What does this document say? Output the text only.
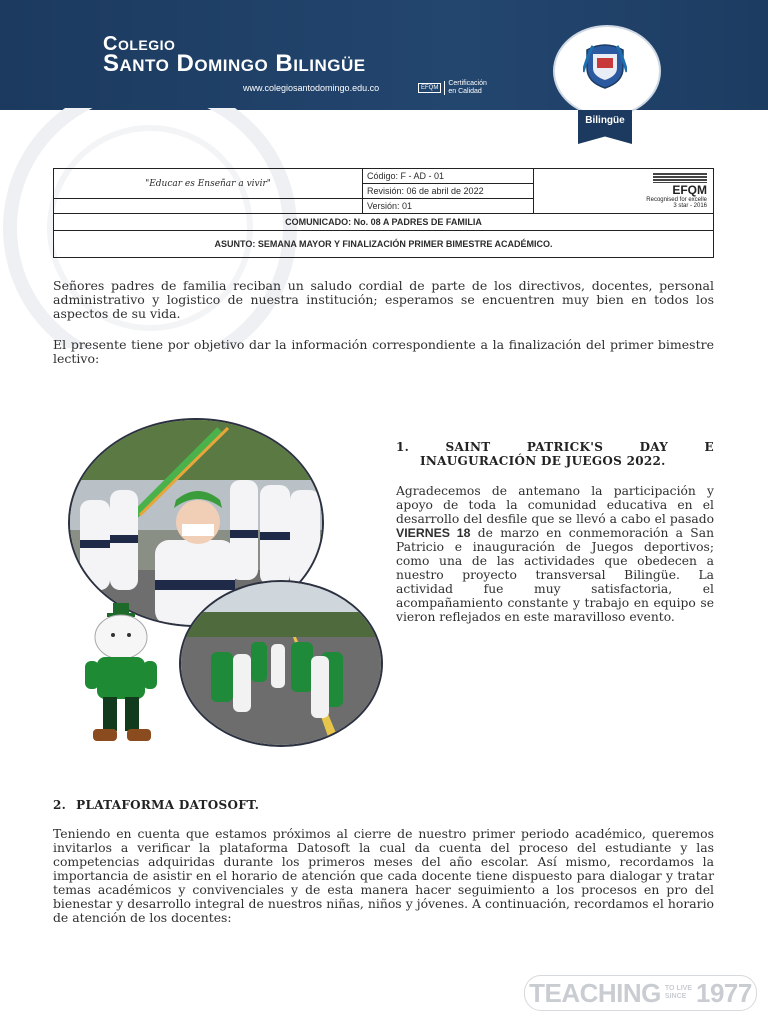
Colegio
Santo Domingo Bilingüe
www.colegiosantodomingo.edu.co	EFQM
Certificación
en Calidad
Bilingüe
"Educar es Enseñar a vivir"	Código: F - AD - 01	EFQM
Recognised for excelle
3 star - 2016

	Revisión: 06 de abril de 2022	
	Versión: 01	
COMUNICADO: No. 08 A PADRES DE FAMILIA		
ASUNTO: SEMANA MAYOR Y FINALIZACIÓN PRIMER BIMESTRE ACADÉMICO.		
Señores padres de familia reciban un saludo cordial de parte de los directivos, docentes, personal administrativo y logistico de nuestra institución; esperamos se encuentren muy bien en todos los aspectos de su vida.
El presente tiene por objetivo dar la información correspondiente a la finalización del primer bimestre lectivo:
1.	SAINT	PATRICK'S	DAY	E
INAUGURACIÓN DE JUEGOS 2022.
Agradecemos de antemano la participación y apoyo de toda la comunidad educativa en el desarrollo del desfile que se llevó a cabo el pasado VIERNES 18 de marzo en conmemoración a San Patricio e inauguración de Juegos deportivos; como una de las actividades que obedecen a nuestro proyecto transversal Bilingüe. La actividad fue muy satisfactoria, el acompañamiento constante y trabajo en equipo se vieron reflejados en este maravilloso evento.
2. PLATAFORMA DATOSOFT.
Teniendo en cuenta que estamos próximos al cierre de nuestro primer periodo académico, queremos invitarlos a verificar la plataforma Datosoft la cual da cuenta del proceso del estudiante y las competencias adquiridas durante los primeros meses del año escolar. Así mismo, recordamos la importancia de asistir en el horario de atención que cada docente tiene dispuesto para dialogar y tratar temas académicos y convivenciales y de esta manera hacer seguimiento a los procesos en pro del bienestar y desarrollo integral de nuestros niñas, niños y jóvenes. A continuación, recordamos el horario de atención de los docentes:
TEACHING TO LIVE
SINCE 1977
